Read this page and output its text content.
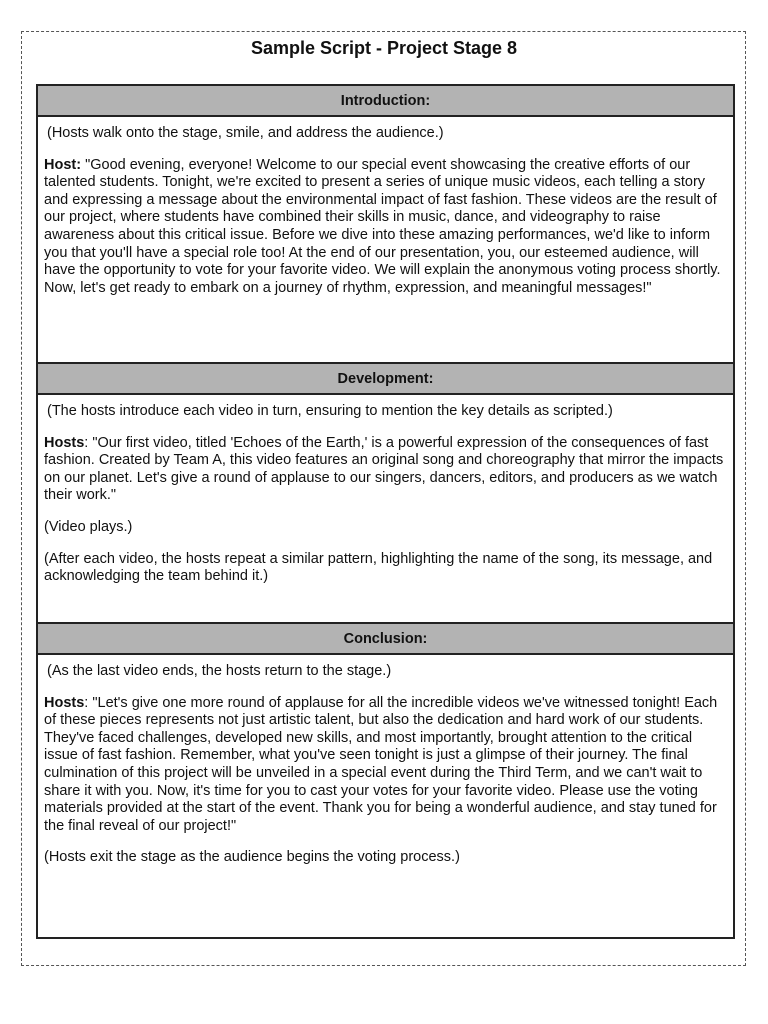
Sample Script - Project Stage 8
Introduction:

(Hosts walk onto the stage, smile, and address the audience.)

Host: "Good evening, everyone! Welcome to our special event showcasing the creative efforts of our talented students. Tonight, we're excited to present a series of unique music videos, each telling a story and expressing a message about the environmental impact of fast fashion. These videos are the result of our project, where students have combined their skills in music, dance, and videography to raise awareness about this critical issue. Before we dive into these amazing performances, we'd like to inform you that you'll have a special role too! At the end of our presentation, you, our esteemed audience, will have the opportunity to vote for your favorite video. We will explain the anonymous voting process shortly. Now, let's get ready to embark on a journey of rhythm, expression, and meaningful messages!"

Development:

(The hosts introduce each video in turn, ensuring to mention the key details as scripted.)

Hosts: "Our first video, titled 'Echoes of the Earth,' is a powerful expression of the consequences of fast fashion. Created by Team A, this video features an original song and choreography that mirror the impacts on our planet. Let's give a round of applause to our singers, dancers, editors, and producers as we watch their work."

(Video plays.)

(After each video, the hosts repeat a similar pattern, highlighting the name of the song, its message, and acknowledging the team behind it.)

Conclusion:

(As the last video ends, the hosts return to the stage.)

Hosts: "Let's give one more round of applause for all the incredible videos we've witnessed tonight! Each of these pieces represents not just artistic talent, but also the dedication and hard work of our students. They've faced challenges, developed new skills, and most importantly, brought attention to the critical issue of fast fashion. Remember, what you've seen tonight is just a glimpse of their journey. The final culmination of this project will be unveiled in a special event during the Third Term, and we can't wait to share it with you. Now, it's time for you to cast your votes for your favorite video. Please use the voting materials provided at the start of the event. Thank you for being a wonderful audience, and stay tuned for the final reveal of our project!"

(Hosts exit the stage as the audience begins the voting process.)
